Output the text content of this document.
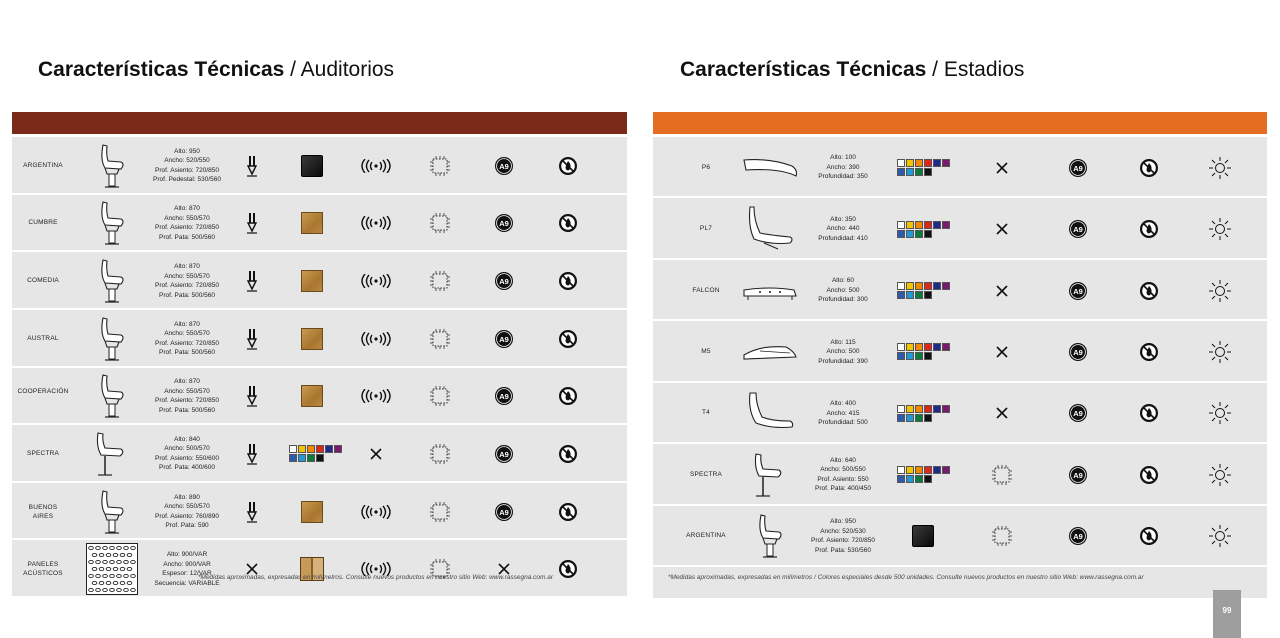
Características Técnicas / Auditorios
ARGENTINA
Alto: 950
Ancho: 520/550
Prof. Asiento: 720/850
Prof. Pedestal: 530/560
A9
CUMBRE
Alto: 870
Ancho: 550/570
Prof. Asiento: 720/850
Prof. Pata: 500/560
A9
COMEDIA
Alto: 870
Ancho: 550/570
Prof. Asiento: 720/850
Prof. Pata: 500/560
A9
AUSTRAL
Alto: 870
Ancho: 550/570
Prof. Asiento: 720/850
Prof. Pata: 500/560
A9
COOPERACIÓN
Alto: 870
Ancho: 550/570
Prof. Asiento: 720/850
Prof. Pata: 500/560
A9
SPECTRA
Alto: 840
Ancho: 500/570
Prof. Asiento: 550/600
Prof. Pata: 400/600
A9
BUENOS
AIRES
Alto: 890
Ancho: 550/570
Prof. Asiento: 760/890
Prof. Pata: 590
A9
PANELES
ACÚSTICOS
Alto: 900/VAR
Ancho: 900/VAR
Espesor: 12/VAR
Secuencia: VARIABLE
*Medidas aproximadas, expresadas en milímetros. Consulte nuevos productos en nuestro sitio Web: www.rassegna.com.ar
Características Técnicas / Estadios
P6
Alto: 100
Ancho: 390
Profundidad: 350
A9
PL7
Alto: 350
Ancho: 440
Profundidad: 410
A9
FALCON
Alto: 60
Ancho: 500
Profundidad: 300
A9
M5
Alto: 115
Ancho: 500
Profundidad: 390
A9
T4
Alto: 400
Ancho: 415
Profundidad: 500
A9
SPECTRA
Alto: 640
Ancho: 500/550
Prof. Asiento: 550
Prof. Pata: 400/450
A9
ARGENTINA
Alto: 950
Ancho: 520/530
Prof. Asiento: 720/850
Prof. Pata: 530/560
A9
*Medidas aproximadas, expresadas en milímetros / Colores especiales desde 500 unidades. Consulte nuevos productos en nuestro sitio Web: www.rassegna.com.ar
99
